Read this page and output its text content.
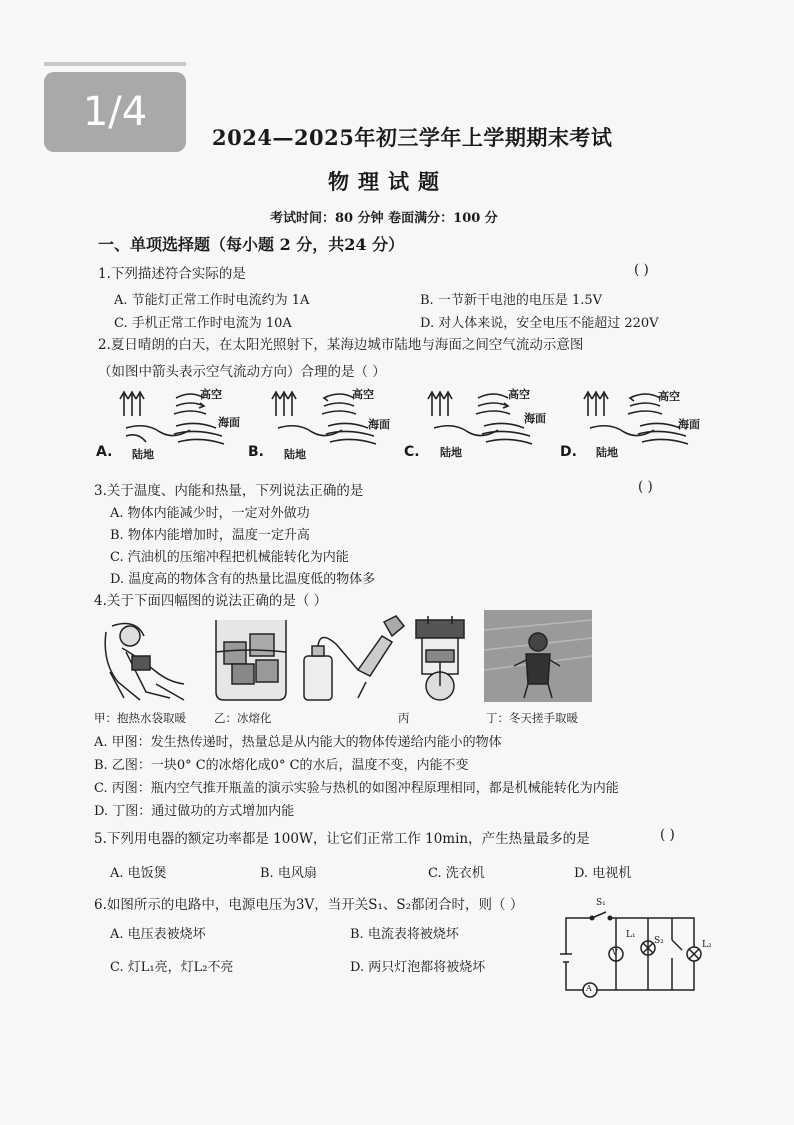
1/4
2024—2025年初三学年上学期期末考试
物理试题
考试时间：80 分钟 卷面满分：100 分
一、单项选择题（每小题 2 分，共24 分）
1.下列描述符合实际的是	( )
A. 节能灯正常工作时电流约为 1A	B. 一节新干电池的电压是 1.5V
C. 手机正常工作时电流为 10A	D. 对人体来说，安全电压不能超过 220V
2.夏日晴朗的白天，在太阳光照射下，某海边城市陆地与海面之间空气流动示意图
（如图中箭头表示空气流动方向）合理的是（ ）
高空
海面
陆地
A.
高空
海面
陆地
B.
高空
海面
陆地
C.
高空
海面
陆地
D.
3.关于温度、内能和热量，下列说法正确的是	( )
A. 物体内能减少时，一定对外做功
B. 物体内能增加时，温度一定升高
C. 汽油机的压缩冲程把机械能转化为内能
D. 温度高的物体含有的热量比温度低的物体多
4.关于下面四幅图的说法正确的是（ ）
甲：抱热水袋取暖 乙：冰熔化	丙	丁：冬天搓手取暖
A. 甲图：发生热传递时，热量总是从内能大的物体传递给内能小的物体
B. 乙图：一块0° C的冰熔化成0° C的水后，温度不变，内能不变
C. 丙图：瓶内空气推开瓶盖的演示实验与热机的如图冲程原理相同，都是机械能转化为内能
D. 丁图：通过做功的方式增加内能
5.下列用电器的额定功率都是 100W，让它们正常工作 10min，产生热量最多的是	( )
A. 电饭煲	B. 电风扇	C. 洗衣机	D. 电视机
6.如图所示的电路中，电源电压为3V，当开关S₁、S₂都闭合时，则（ ）
A. 电压表被烧坏	B. 电流表将被烧坏
C. 灯L₁亮，灯L₂不亮	D. 两只灯泡都将被烧坏
S₁
S₂
L₁
L₂
V
A
